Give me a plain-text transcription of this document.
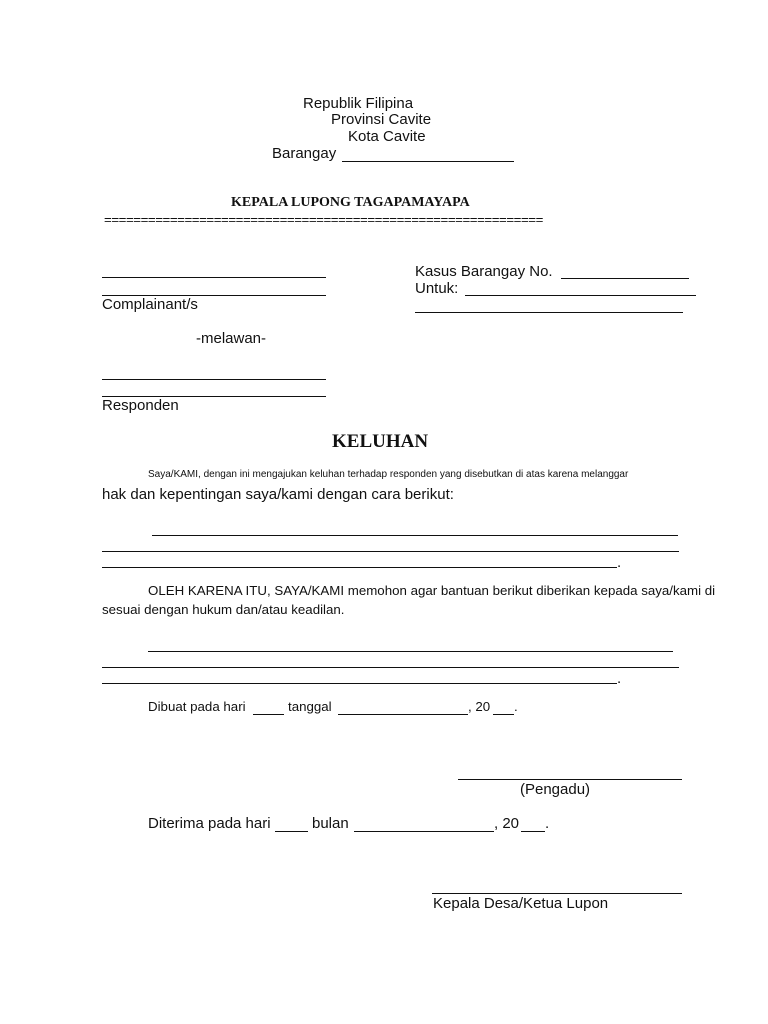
Republik Filipina
Provinsi Cavite
Kota Cavite
Barangay
KEPALA LUPONG TAGAPAMAYAPA
============================================================
Complainant/s
-melawan-
Responden
Kasus Barangay No.
Untuk:
KELUHAN
Saya/KAMI, dengan ini mengajukan keluhan terhadap responden yang disebutkan di atas karena melanggar
hak dan kepentingan saya/kami dengan cara berikut:
.
OLEH KARENA ITU, SAYA/KAMI memohon agar bantuan berikut diberikan kepada saya/kami di
sesuai dengan hukum dan/atau keadilan.
.
Dibuat pada hari	tanggal	, 20 .
(Pengadu)
Diterima pada hari	bulan	, 20 .
Kepala Desa/Ketua Lupon
